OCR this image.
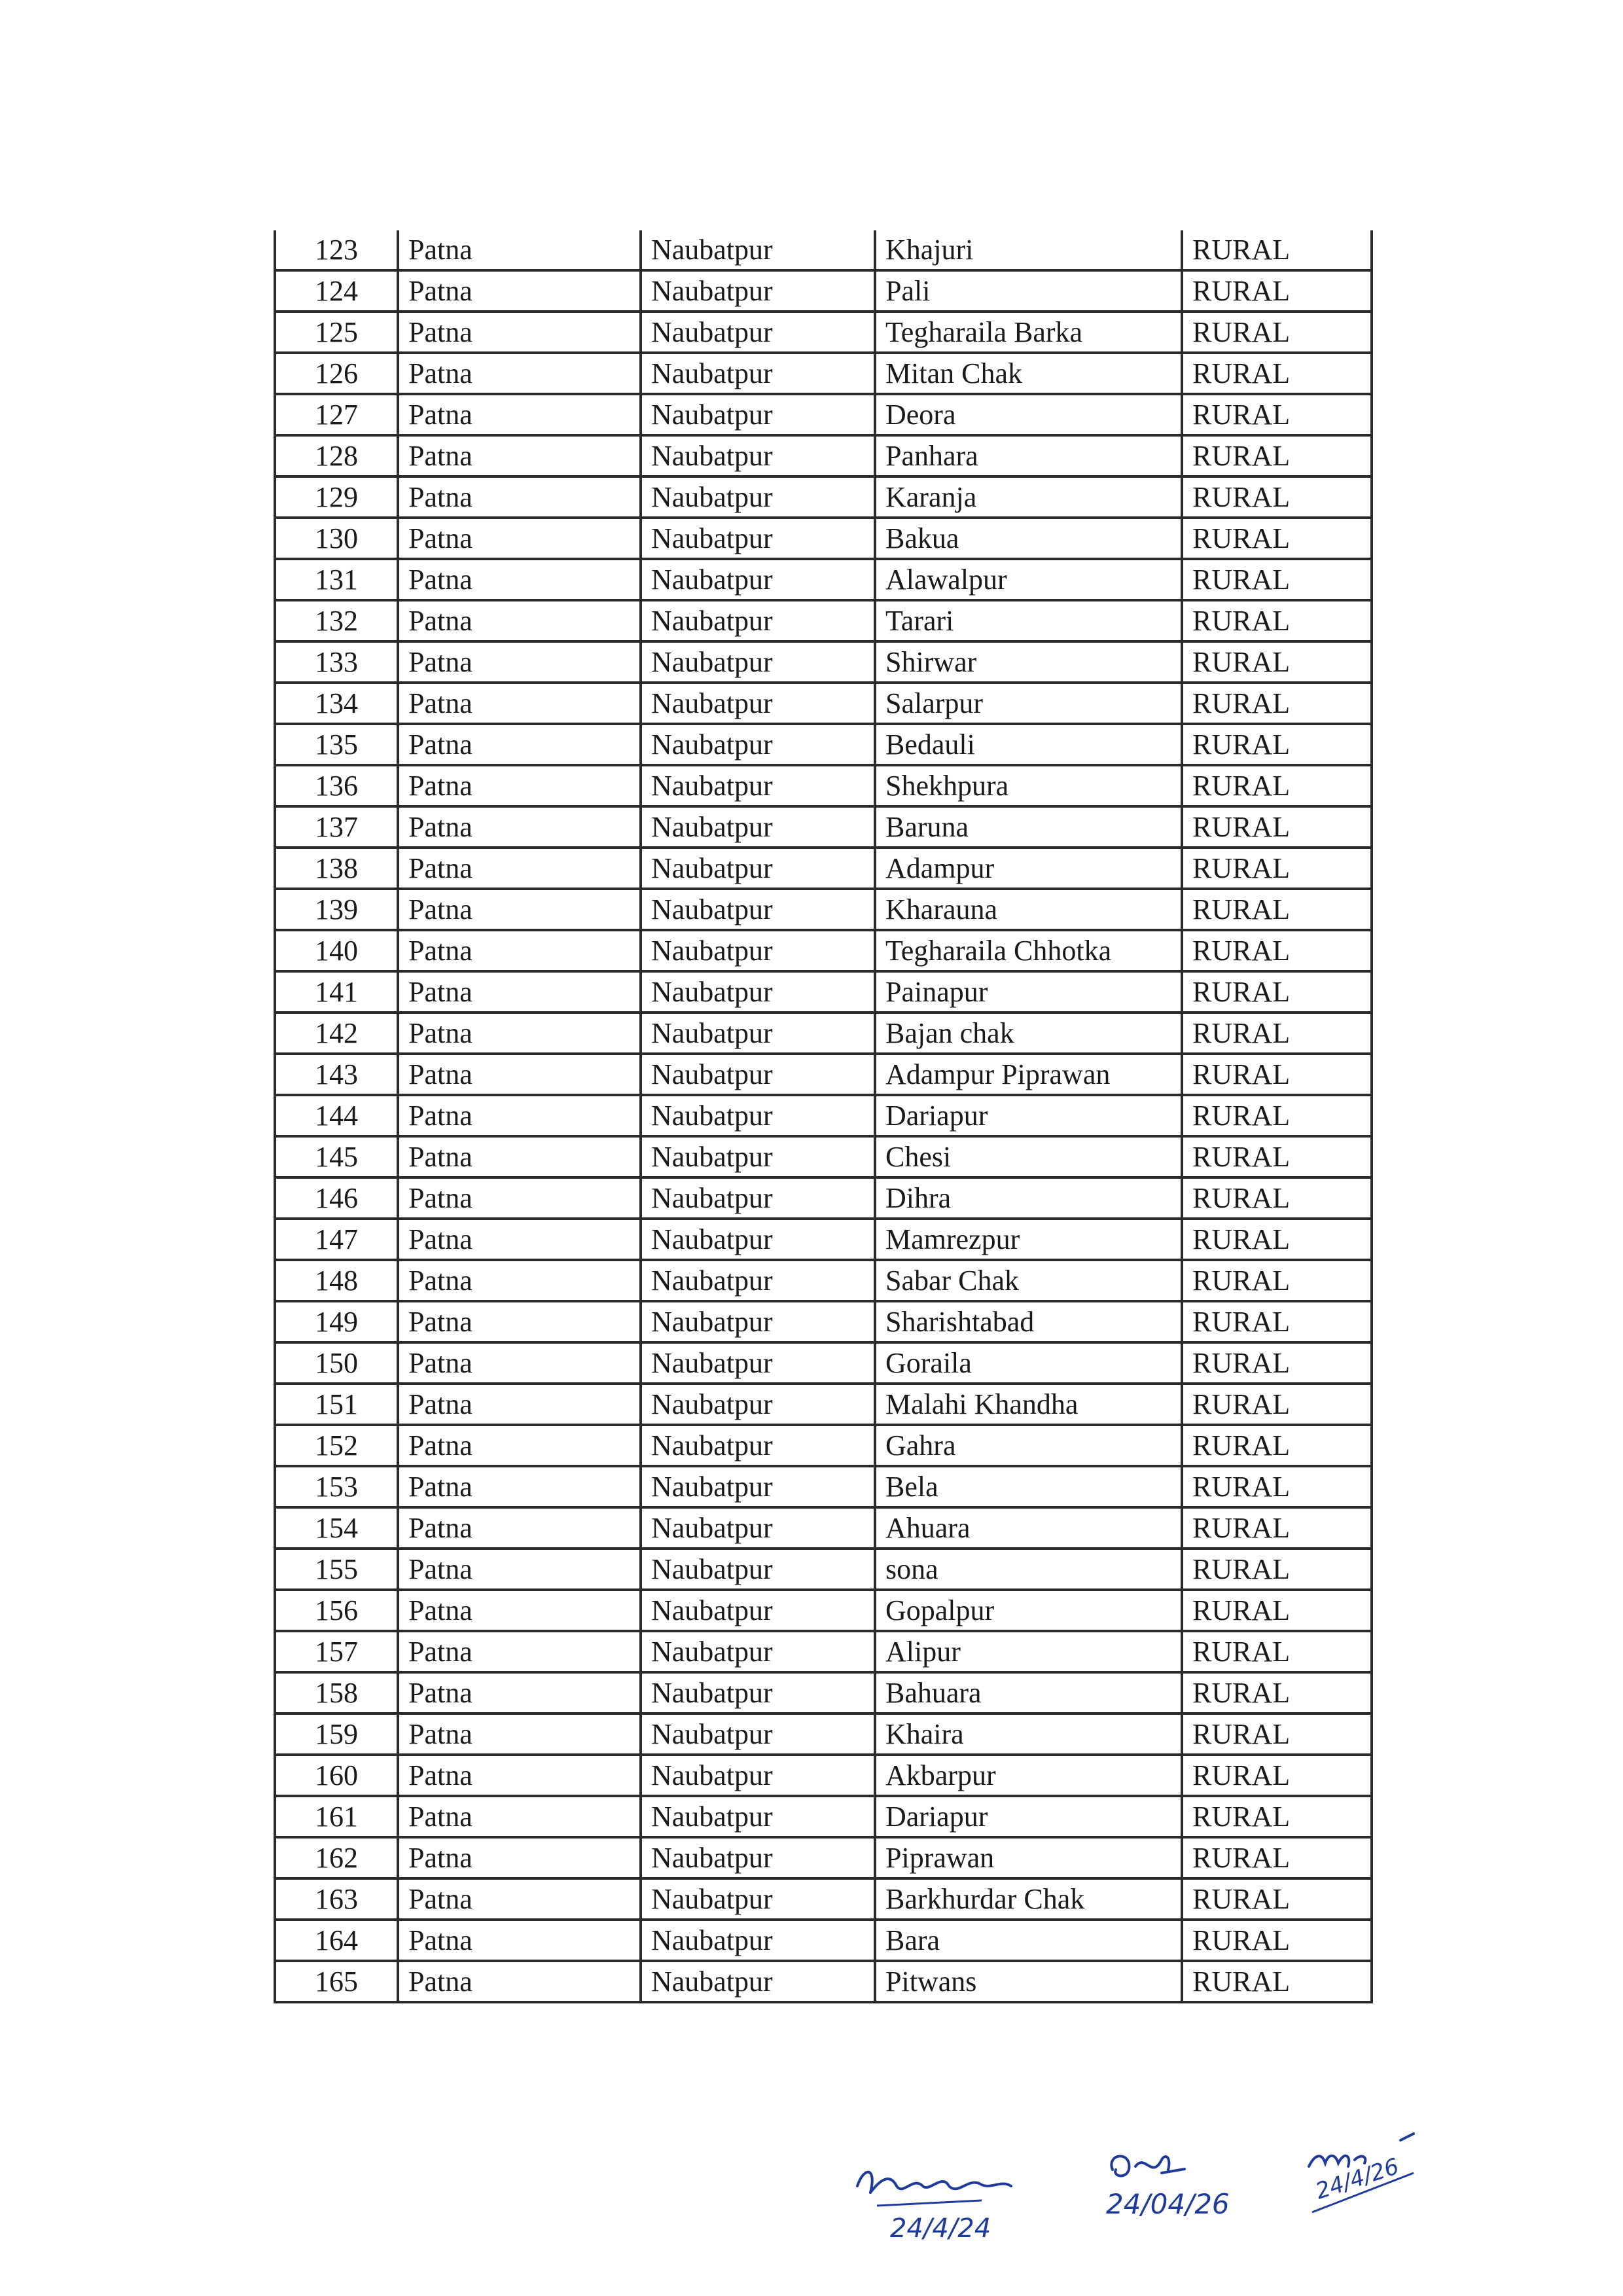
123	Patna	Naubatpur	Khajuri	RURAL
124	Patna	Naubatpur	Pali	RURAL
125	Patna	Naubatpur	Tegharaila Barka	RURAL
126	Patna	Naubatpur	Mitan Chak	RURAL
127	Patna	Naubatpur	Deora	RURAL
128	Patna	Naubatpur	Panhara	RURAL
129	Patna	Naubatpur	Karanja	RURAL
130	Patna	Naubatpur	Bakua	RURAL
131	Patna	Naubatpur	Alawalpur	RURAL
132	Patna	Naubatpur	Tarari	RURAL
133	Patna	Naubatpur	Shirwar	RURAL
134	Patna	Naubatpur	Salarpur	RURAL
135	Patna	Naubatpur	Bedauli	RURAL
136	Patna	Naubatpur	Shekhpura	RURAL
137	Patna	Naubatpur	Baruna	RURAL
138	Patna	Naubatpur	Adampur	RURAL
139	Patna	Naubatpur	Kharauna	RURAL
140	Patna	Naubatpur	Tegharaila Chhotka	RURAL
141	Patna	Naubatpur	Painapur	RURAL
142	Patna	Naubatpur	Bajan chak	RURAL
143	Patna	Naubatpur	Adampur Piprawan	RURAL
144	Patna	Naubatpur	Dariapur	RURAL
145	Patna	Naubatpur	Chesi	RURAL
146	Patna	Naubatpur	Dihra	RURAL
147	Patna	Naubatpur	Mamrezpur	RURAL
148	Patna	Naubatpur	Sabar Chak	RURAL
149	Patna	Naubatpur	Sharishtabad	RURAL
150	Patna	Naubatpur	Goraila	RURAL
151	Patna	Naubatpur	Malahi Khandha	RURAL
152	Patna	Naubatpur	Gahra	RURAL
153	Patna	Naubatpur	Bela	RURAL
154	Patna	Naubatpur	Ahuara	RURAL
155	Patna	Naubatpur	sona	RURAL
156	Patna	Naubatpur	Gopalpur	RURAL
157	Patna	Naubatpur	Alipur	RURAL
158	Patna	Naubatpur	Bahuara	RURAL
159	Patna	Naubatpur	Khaira	RURAL
160	Patna	Naubatpur	Akbarpur	RURAL
161	Patna	Naubatpur	Dariapur	RURAL
162	Patna	Naubatpur	Piprawan	RURAL
163	Patna	Naubatpur	Barkhurdar Chak	RURAL
164	Patna	Naubatpur	Bara	RURAL
165	Patna	Naubatpur	Pitwans	RURAL
24/4/24
24/04/26	24/4/26
